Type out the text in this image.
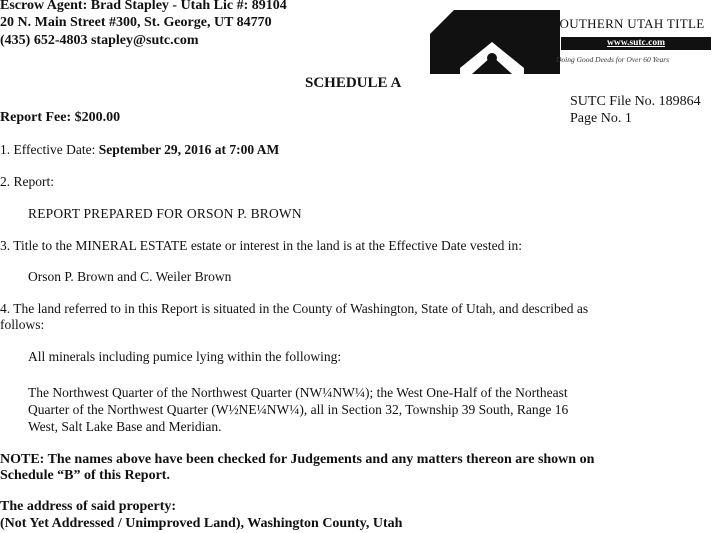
Escrow Agent: Brad Stapley - Utah Lic #: 89104
20 N. Main Street #300, St. George, UT 84770
(435) 652-4803 stapley@sutc.com
SOUTHERN UTAH TITLE
www.sutc.com
Doing Good Deeds for Over 60 Years
SCHEDULE A
SUTC File No. 189864
Page No. 1
Report Fee: $200.00
1. Effective Date: September 29, 2016 at 7:00 AM
2. Report:
REPORT PREPARED FOR ORSON P. BROWN
3. Title to the MINERAL ESTATE estate or interest in the land is at the Effective Date vested in:
Orson P. Brown and C. Weiler Brown
4. The land referred to in this Report is situated in the County of Washington, State of Utah, and described as
follows:
All minerals including pumice lying within the following:
The Northwest Quarter of the Northwest Quarter (NW¼NW¼); the West One-Half of the Northeast
Quarter of the Northwest Quarter (W½NE¼NW¼), all in Section 32, Township 39 South, Range 16
West, Salt Lake Base and Meridian.
NOTE: The names above have been checked for Judgements and any matters thereon are shown on
Schedule “B” of this Report.
The address of said property:
(Not Yet Addressed / Unimproved Land), Washington County, Utah
